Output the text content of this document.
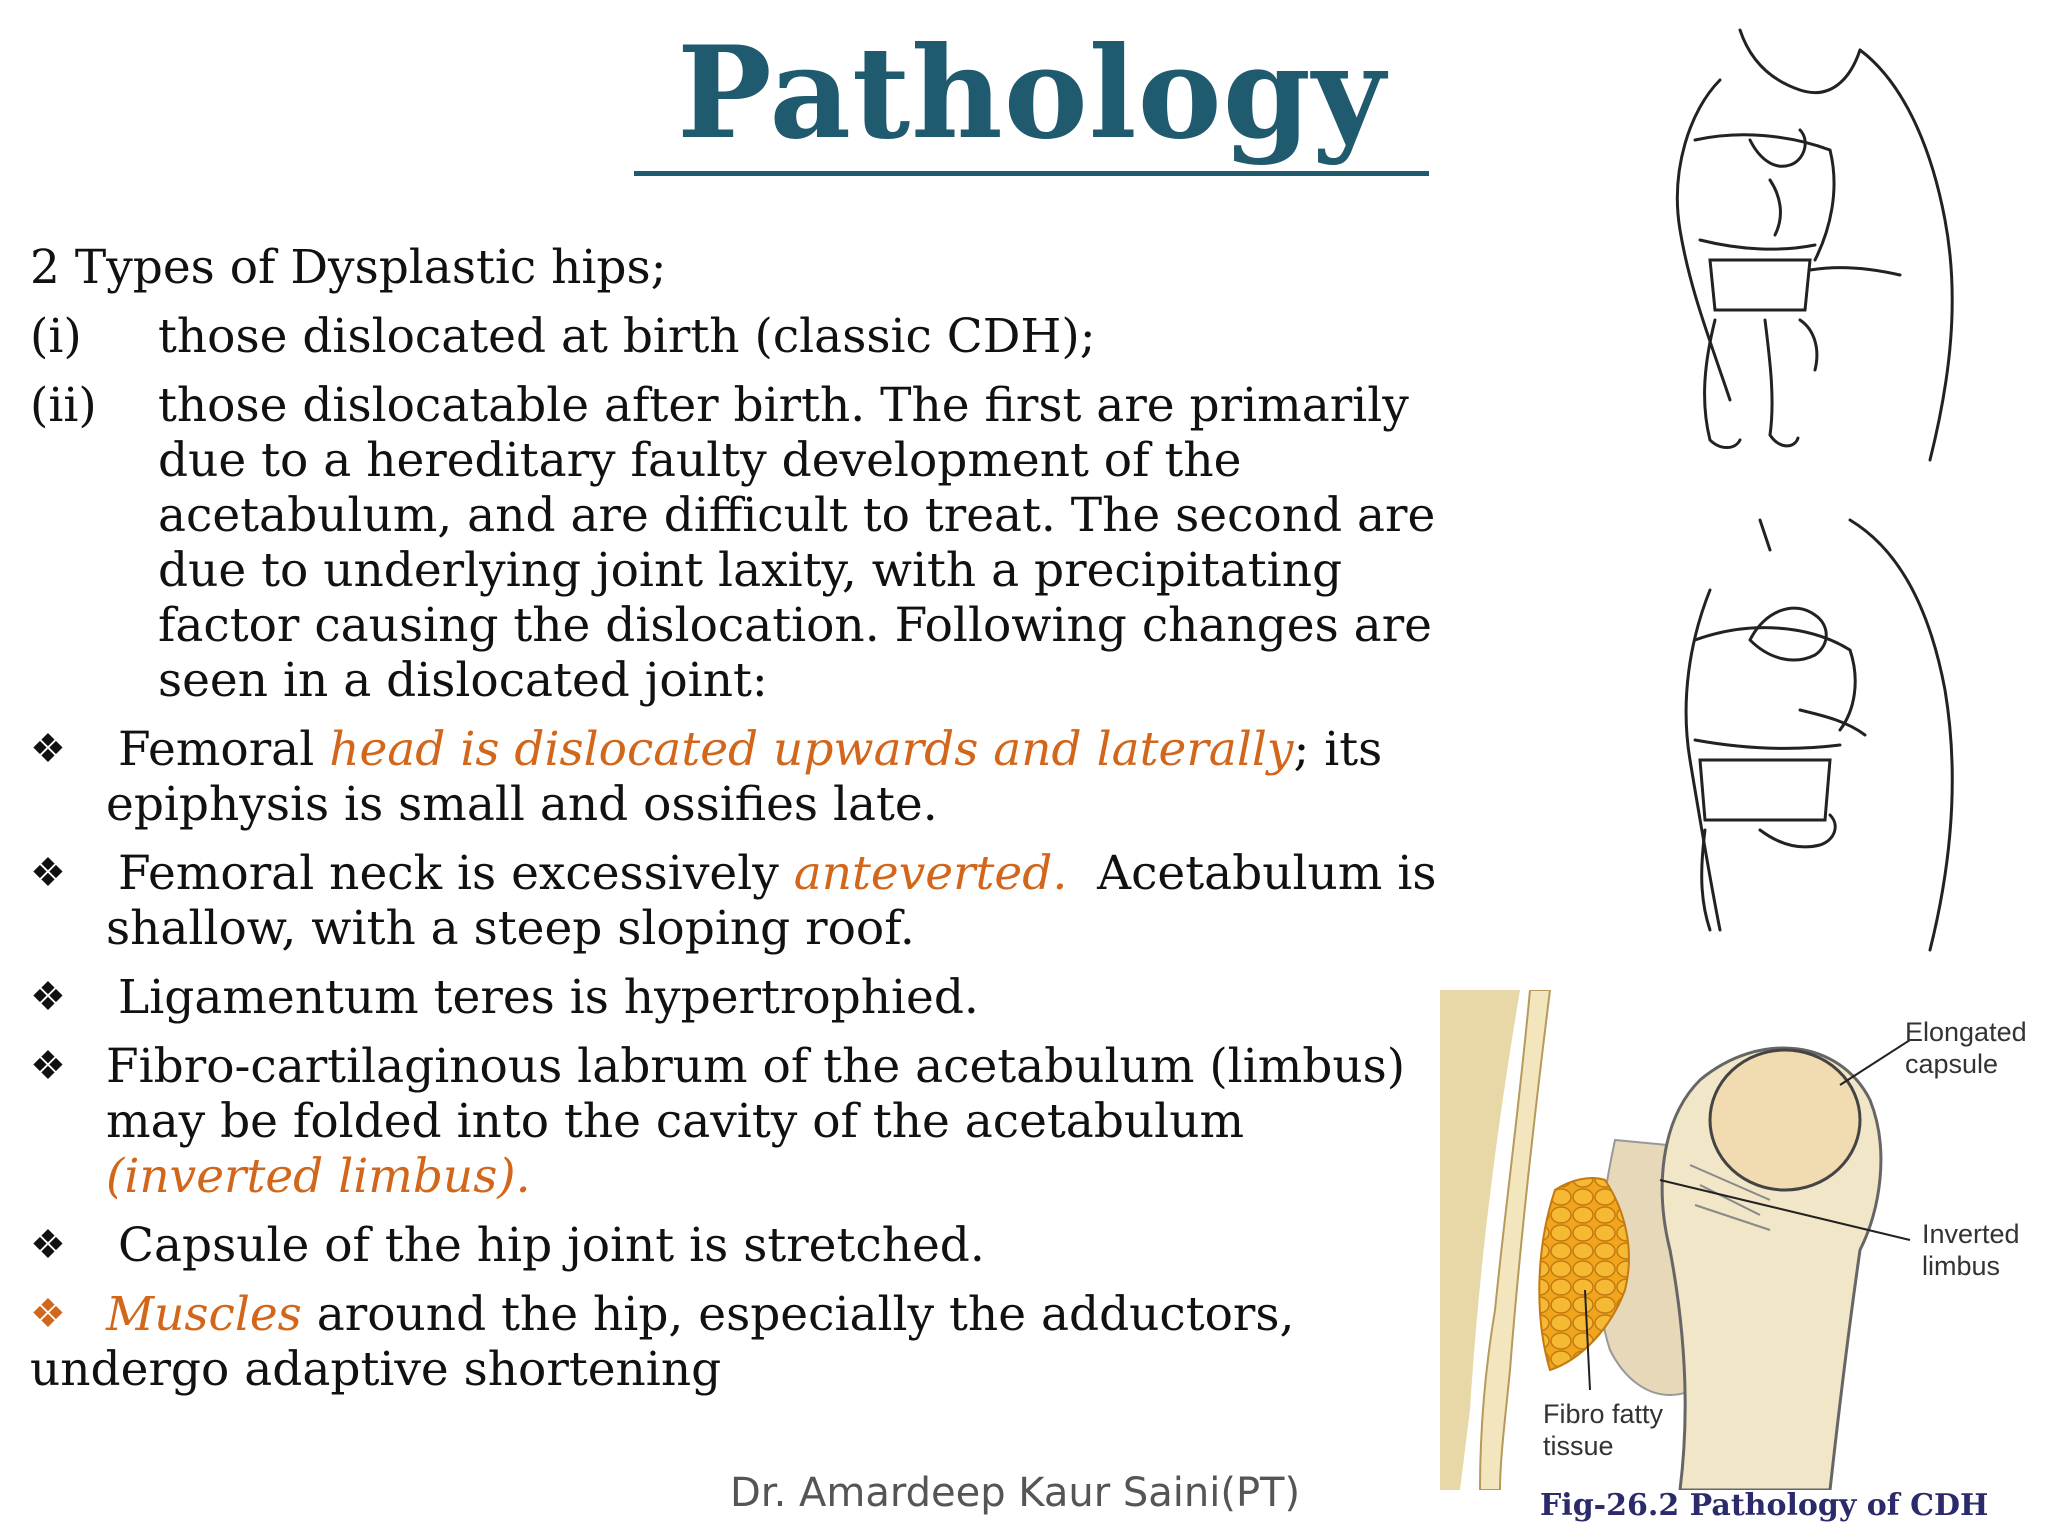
Pathology

2 Types of Dysplastic hips;

(i)	those dislocated at birth (classic CDH);
(ii)	those dislocatable after birth. The first are primarily due to a hereditary faulty development of the acetabulum, and are difficult to treat. The second are due to underlying joint laxity, with a precipitating factor causing the dislocation. Following changes are seen in a dislocated joint:
❖	Femoral head is dislocated upwards and laterally; its epiphysis is small and ossifies late.
❖	Femoral neck is excessively anteverted.  Acetabulum is shallow, with a steep sloping roof.
❖	Ligamentum teres is hypertrophied.
❖ Fibro-cartilaginous labrum of the acetabulum (limbus) may be folded into the cavity of the acetabulum (inverted limbus).
❖	Capsule of the hip joint is stretched.
❖ Muscles around the hip, especially the adductors,

undergo adaptive shortening

Dr. Amardeep Kaur Saini(PT)
Elongated capsule
Inverted limbus
Fibro fatty tissue
Fig-26.2 Pathology of CDH
